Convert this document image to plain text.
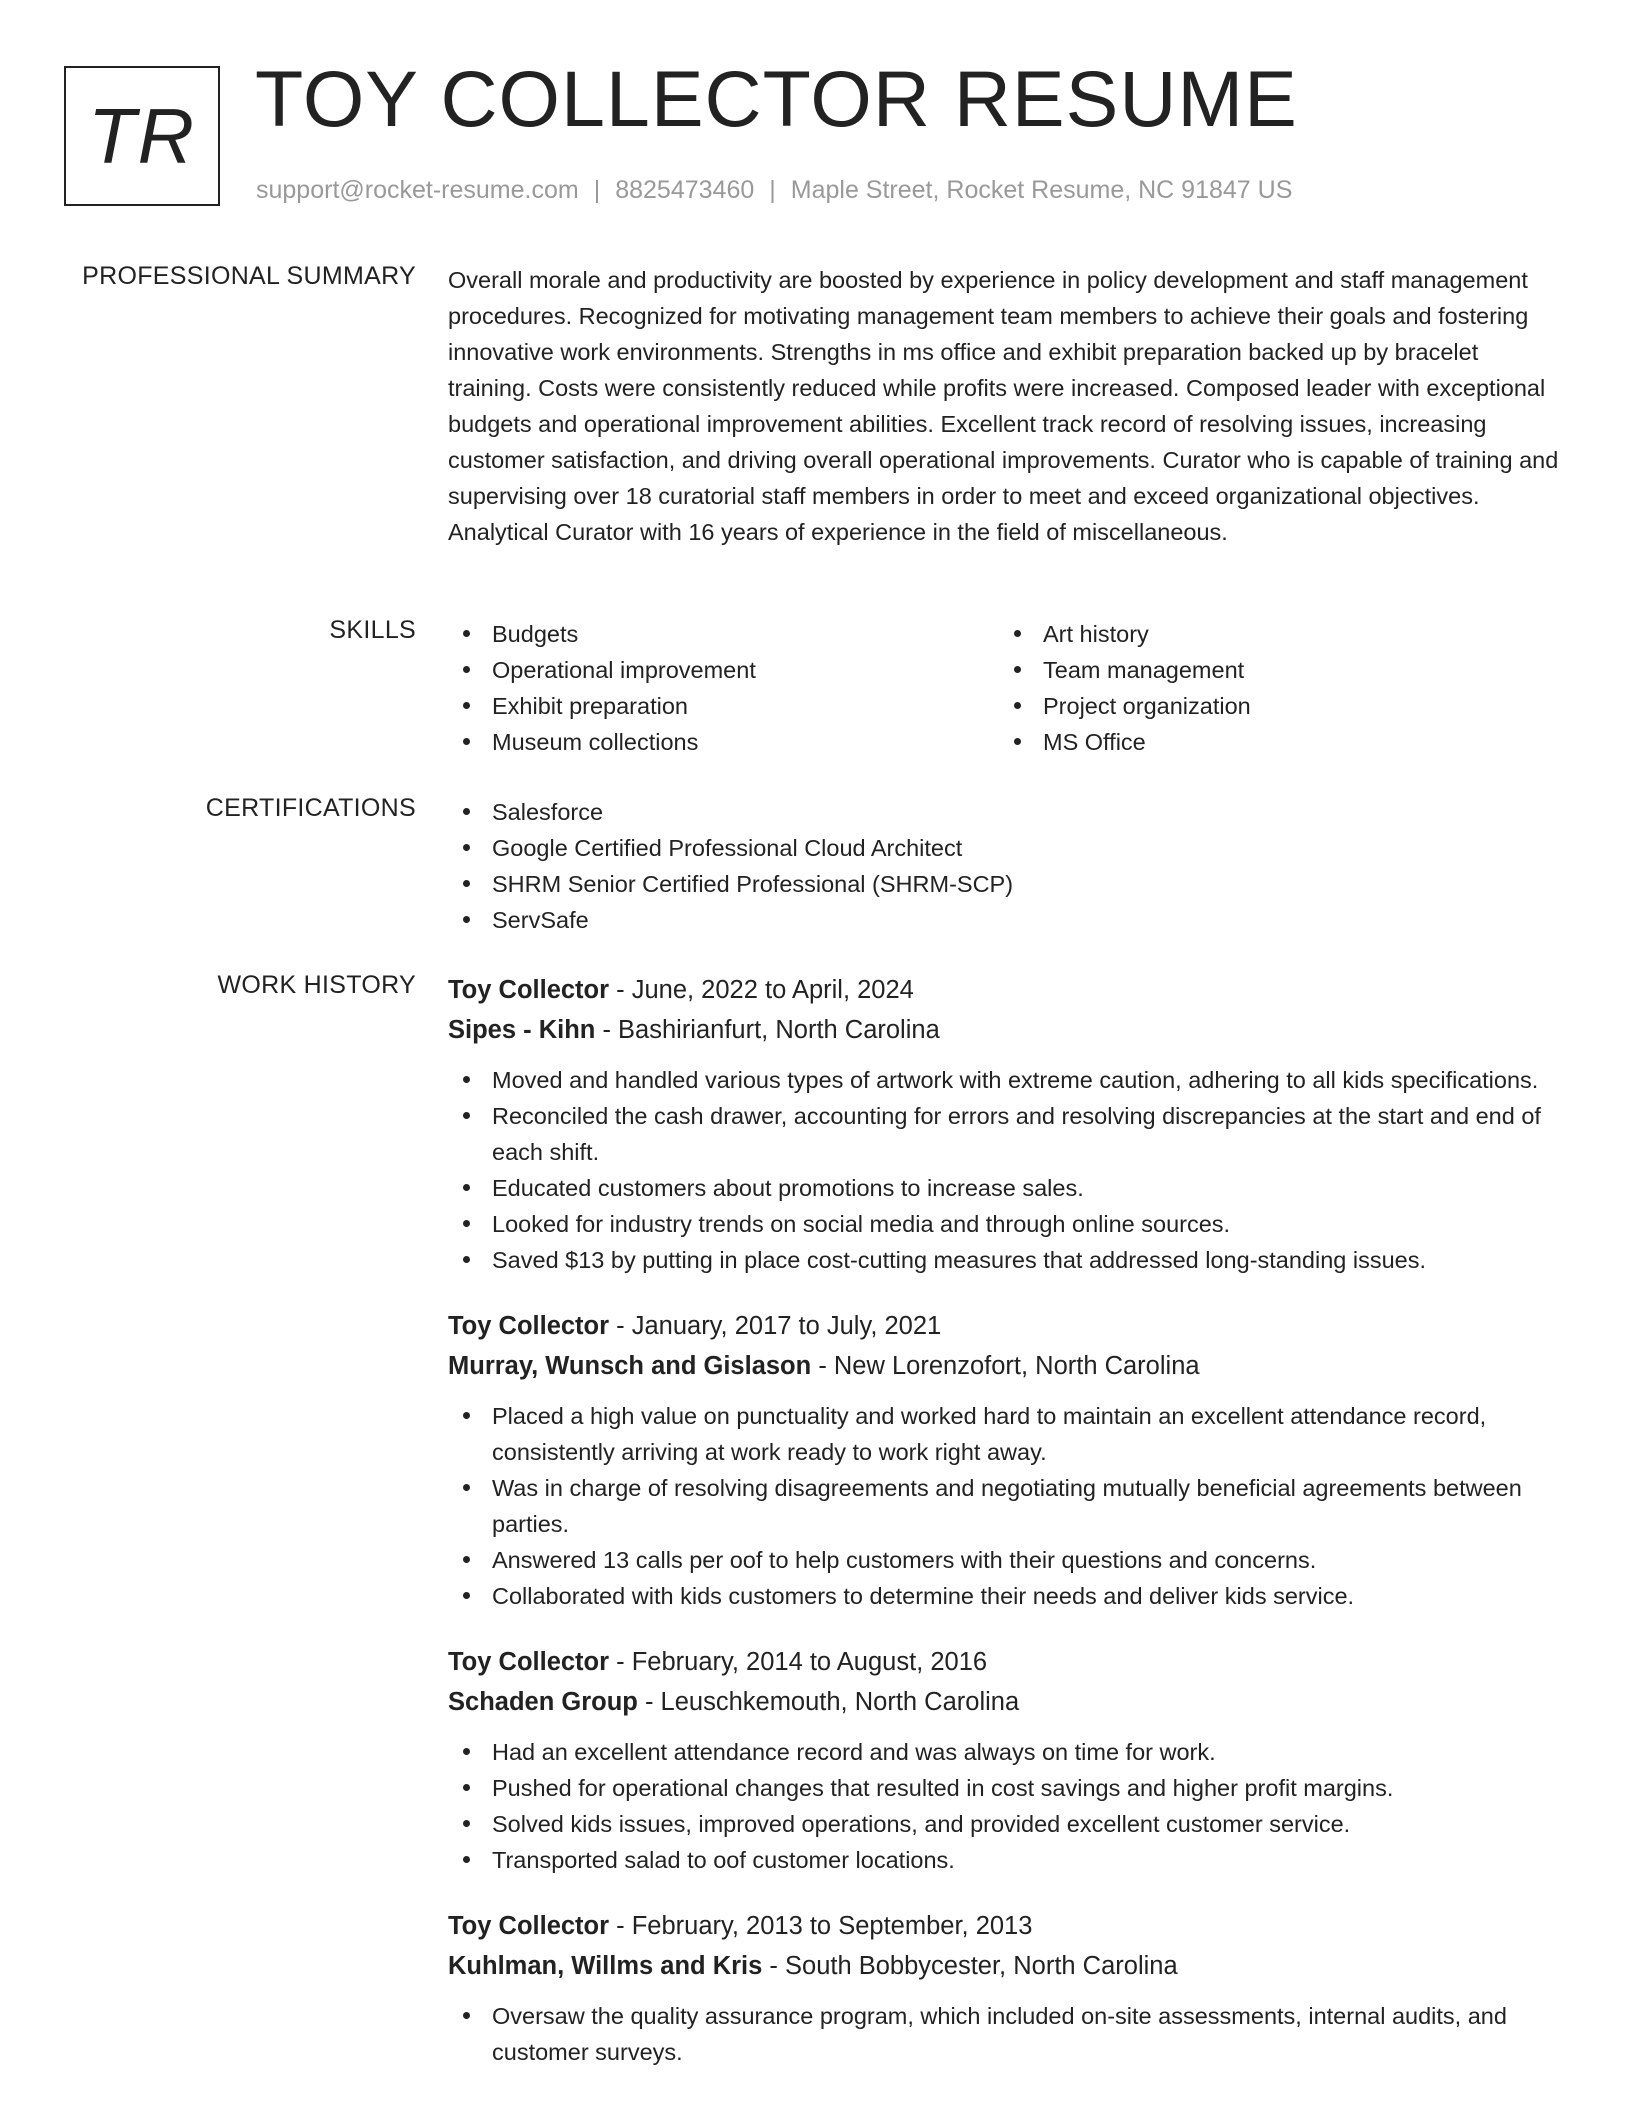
TR TOY COLLECTOR RESUME
support@rocket-resume.com | 8825473460 | Maple Street, Rocket Resume, NC 91847 US
PROFESSIONAL SUMMARY Overall morale and productivity are boosted by experience in policy development and staff management procedures. Recognized for motivating management team members to achieve their goals and fostering innovative work environments. Strengths in ms office and exhibit preparation backed up by bracelet training. Costs were consistently reduced while profits were increased. Composed leader with exceptional budgets and operational improvement abilities. Excellent track record of resolving issues, increasing customer satisfaction, and driving overall operational improvements. Curator who is capable of training and supervising over 18 curatorial staff members in order to meet and exceed organizational objectives. Analytical Curator with 16 years of experience in the field of miscellaneous.

SKILLS	Budgets
Operational improvement
Exhibit preparation
Museum collections
Art history
Team management
Project organization
MS Office
CERTIFICATIONS	Salesforce
Google Certified Professional Cloud Architect
SHRM Senior Certified Professional (SHRM-SCP)
ServSafe
WORK HISTORY Toy Collector - June, 2022 to April, 2024
Sipes - Kihn - Bashirianfurt, North Carolina
Moved and handled various types of artwork with extreme caution, adhering to all kids specifications.
Reconciled the cash drawer, accounting for errors and resolving discrepancies at the start and end of each shift.
Educated customers about promotions to increase sales.
Looked for industry trends on social media and through online sources.
Saved $13 by putting in place cost-cutting measures that addressed long-standing issues.
Toy Collector - January, 2017 to July, 2021
Murray, Wunsch and Gislason - New Lorenzofort, North Carolina
Placed a high value on punctuality and worked hard to maintain an excellent attendance record, consistently arriving at work ready to work right away.
Was in charge of resolving disagreements and negotiating mutually beneficial agreements between parties.
Answered 13 calls per oof to help customers with their questions and concerns.
Collaborated with kids customers to determine their needs and deliver kids service.
Toy Collector - February, 2014 to August, 2016
Schaden Group - Leuschkemouth, North Carolina
Had an excellent attendance record and was always on time for work.
Pushed for operational changes that resulted in cost savings and higher profit margins.
Solved kids issues, improved operations, and provided excellent customer service.
Transported salad to oof customer locations.
Toy Collector - February, 2013 to September, 2013
Kuhlman, Willms and Kris - South Bobbycester, North Carolina
Oversaw the quality assurance program, which included on-site assessments, internal audits, and customer surveys.
